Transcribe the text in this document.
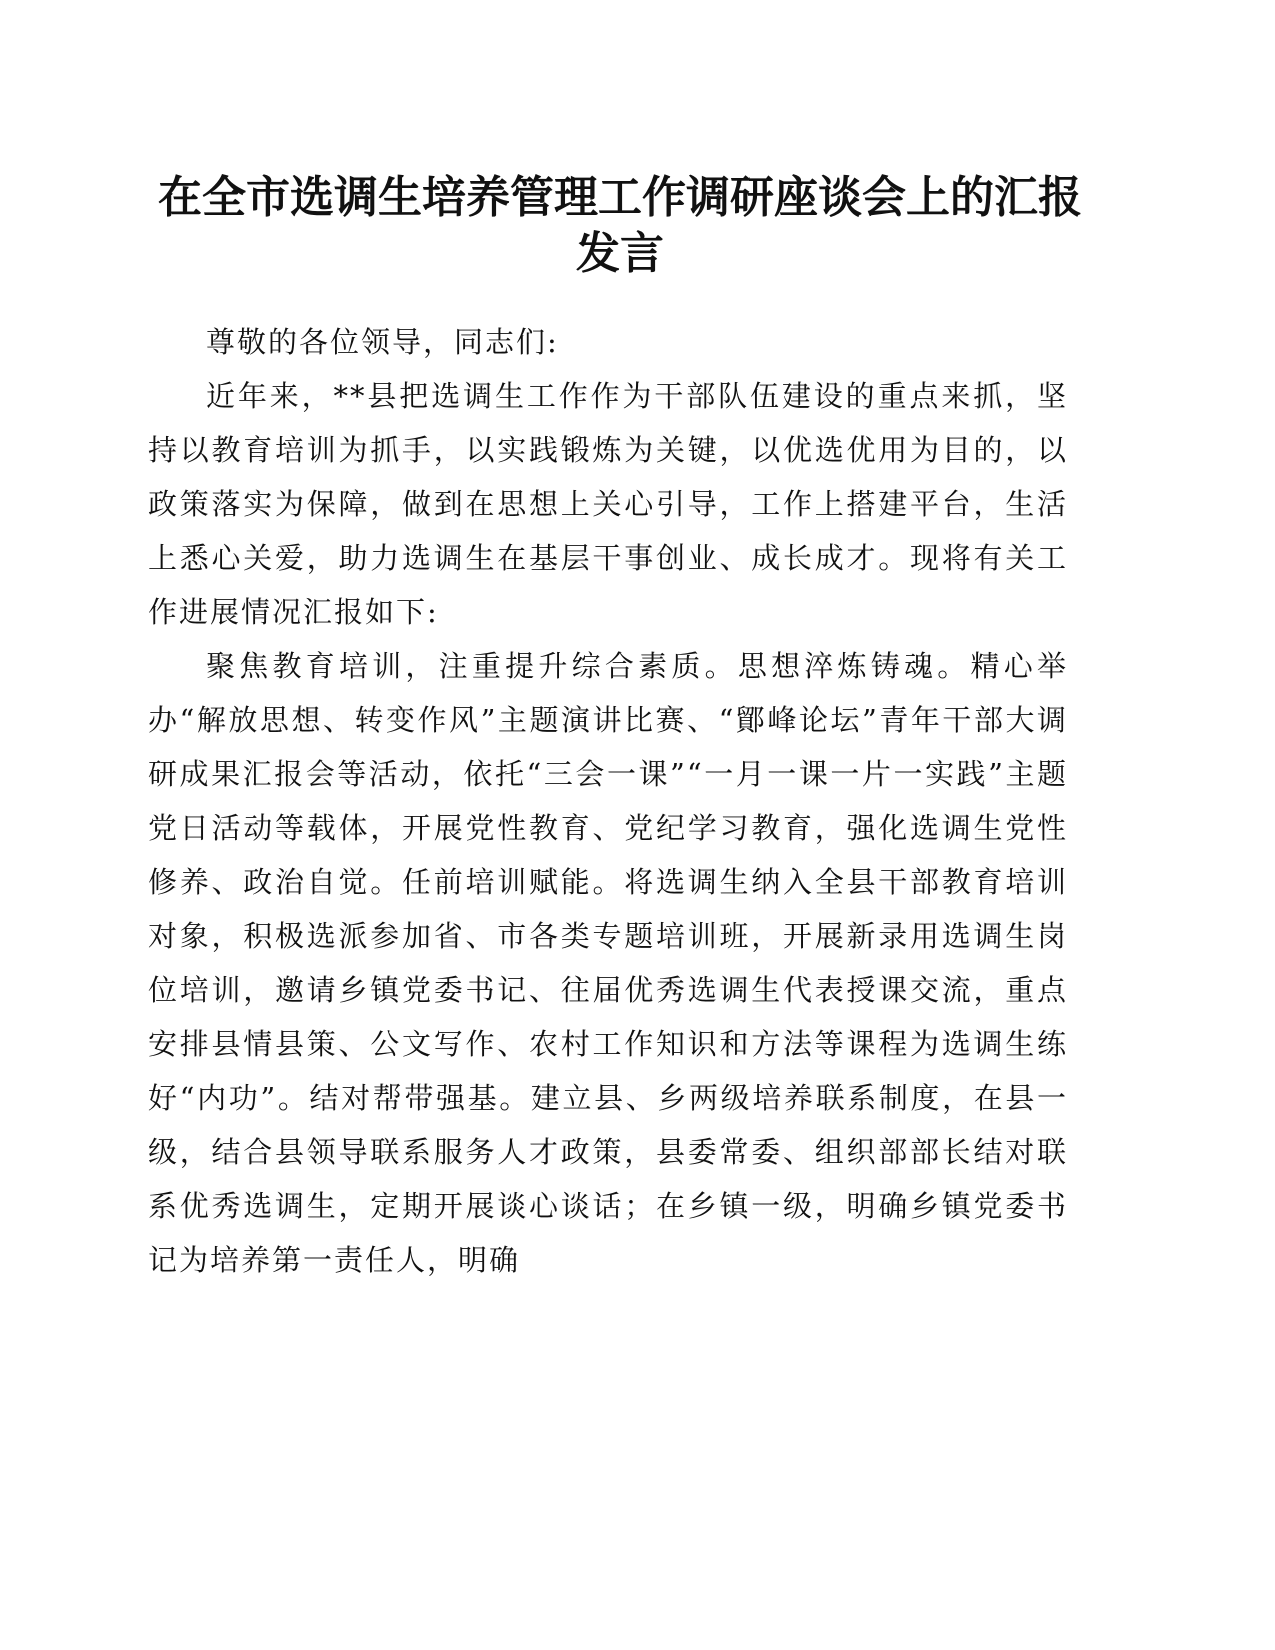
在全市选调生培养管理工作调研座谈会上的汇报发言

尊敬的各位领导，同志们:

近年来，**县把选调生工作作为干部队伍建设的重点来抓，坚持以教育培训为抓手，以实践锻炼为关键，以优选优用为目的，以政策落实为保障，做到在思想上关心引导，工作上搭建平台，生活上悉心关爱，助力选调生在基层干事创业、成长成才。现将有关工作进展情况汇报如下:

聚焦教育培训，注重提升综合素质。思想淬炼铸魂。精心举办“解放思想、转变作风”主题演讲比赛、“鄮峰论坛”青年干部大调研成果汇报会等活动，依托“三会一课”“一月一课一片一实践”主题党日活动等载体，开展党性教育、党纪学习教育，强化选调生党性修养、政治自觉。任前培训赋能。将选调生纳入全县干部教育培训对象，积极选派参加省、市各类专题培训班，开展新录用选调生岗位培训，邀请乡镇党委书记、往届优秀选调生代表授课交流，重点安排县情县策、公文写作、农村工作知识和方法等课程为选调生练好“内功”。结对帮带强基。建立县、乡两级培养联系制度，在县一级，结合县领导联系服务人才政策，县委常委、组织部部长结对联系优秀选调生，定期开展谈心谈话；在乡镇一级，明确乡镇党委书记为培养第一责任人，明确
